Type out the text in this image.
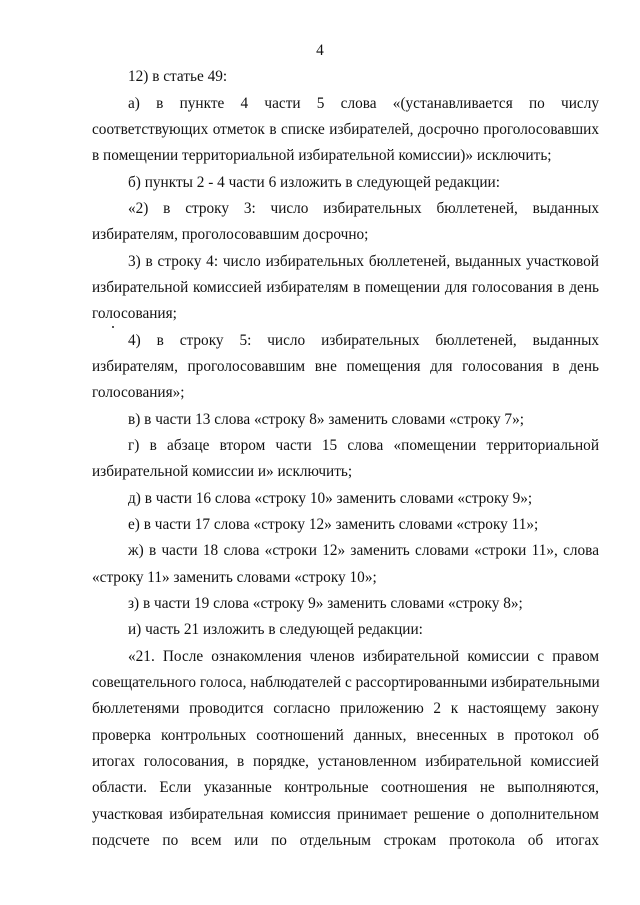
4
12) в статье 49:
а) в пункте 4 части 5 слова «(устанавливается по числу
соответствующих отметок в списке избирателей, досрочно проголосовавших
в помещении территориальной избирательной комиссии)» исключить;
б) пункты 2 - 4 части 6 изложить в следующей редакции:
«2) в строку 3: число избирательных бюллетеней, выданных
избирателям, проголосовавшим досрочно;
3) в строку 4: число избирательных бюллетеней, выданных участковой
избирательной комиссией избирателям в помещении для голосования в день
голосования;
4) в строку 5: число избирательных бюллетеней, выданных
избирателям, проголосовавшим вне помещения для голосования в день
голосования»;
в) в части 13 слова «строку 8» заменить словами «строку 7»;
г) в абзаце втором части 15 слова «помещении территориальной
избирательной комиссии и» исключить;
д) в части 16 слова «строку 10» заменить словами «строку 9»;
е) в части 17 слова «строку 12» заменить словами «строку 11»;
ж) в части 18 слова «строки 12» заменить словами «строки 11», слова
«строку 11» заменить словами «строку 10»;
з) в части 19 слова «строку 9» заменить словами «строку 8»;
и) часть 21 изложить в следующей редакции:
«21. После ознакомления членов избирательной комиссии с правом
совещательного голоса, наблюдателей с рассортированными избирательными
бюллетенями проводится согласно приложению 2 к настоящему закону
проверка контрольных соотношений данных, внесенных в протокол об
итогах голосования, в порядке, установленном избирательной комиссией
области. Если указанные контрольные соотношения не выполняются,
участковая избирательная комиссия принимает решение о дополнительном
подсчете по всем или по отдельным строкам протокола об итогах
